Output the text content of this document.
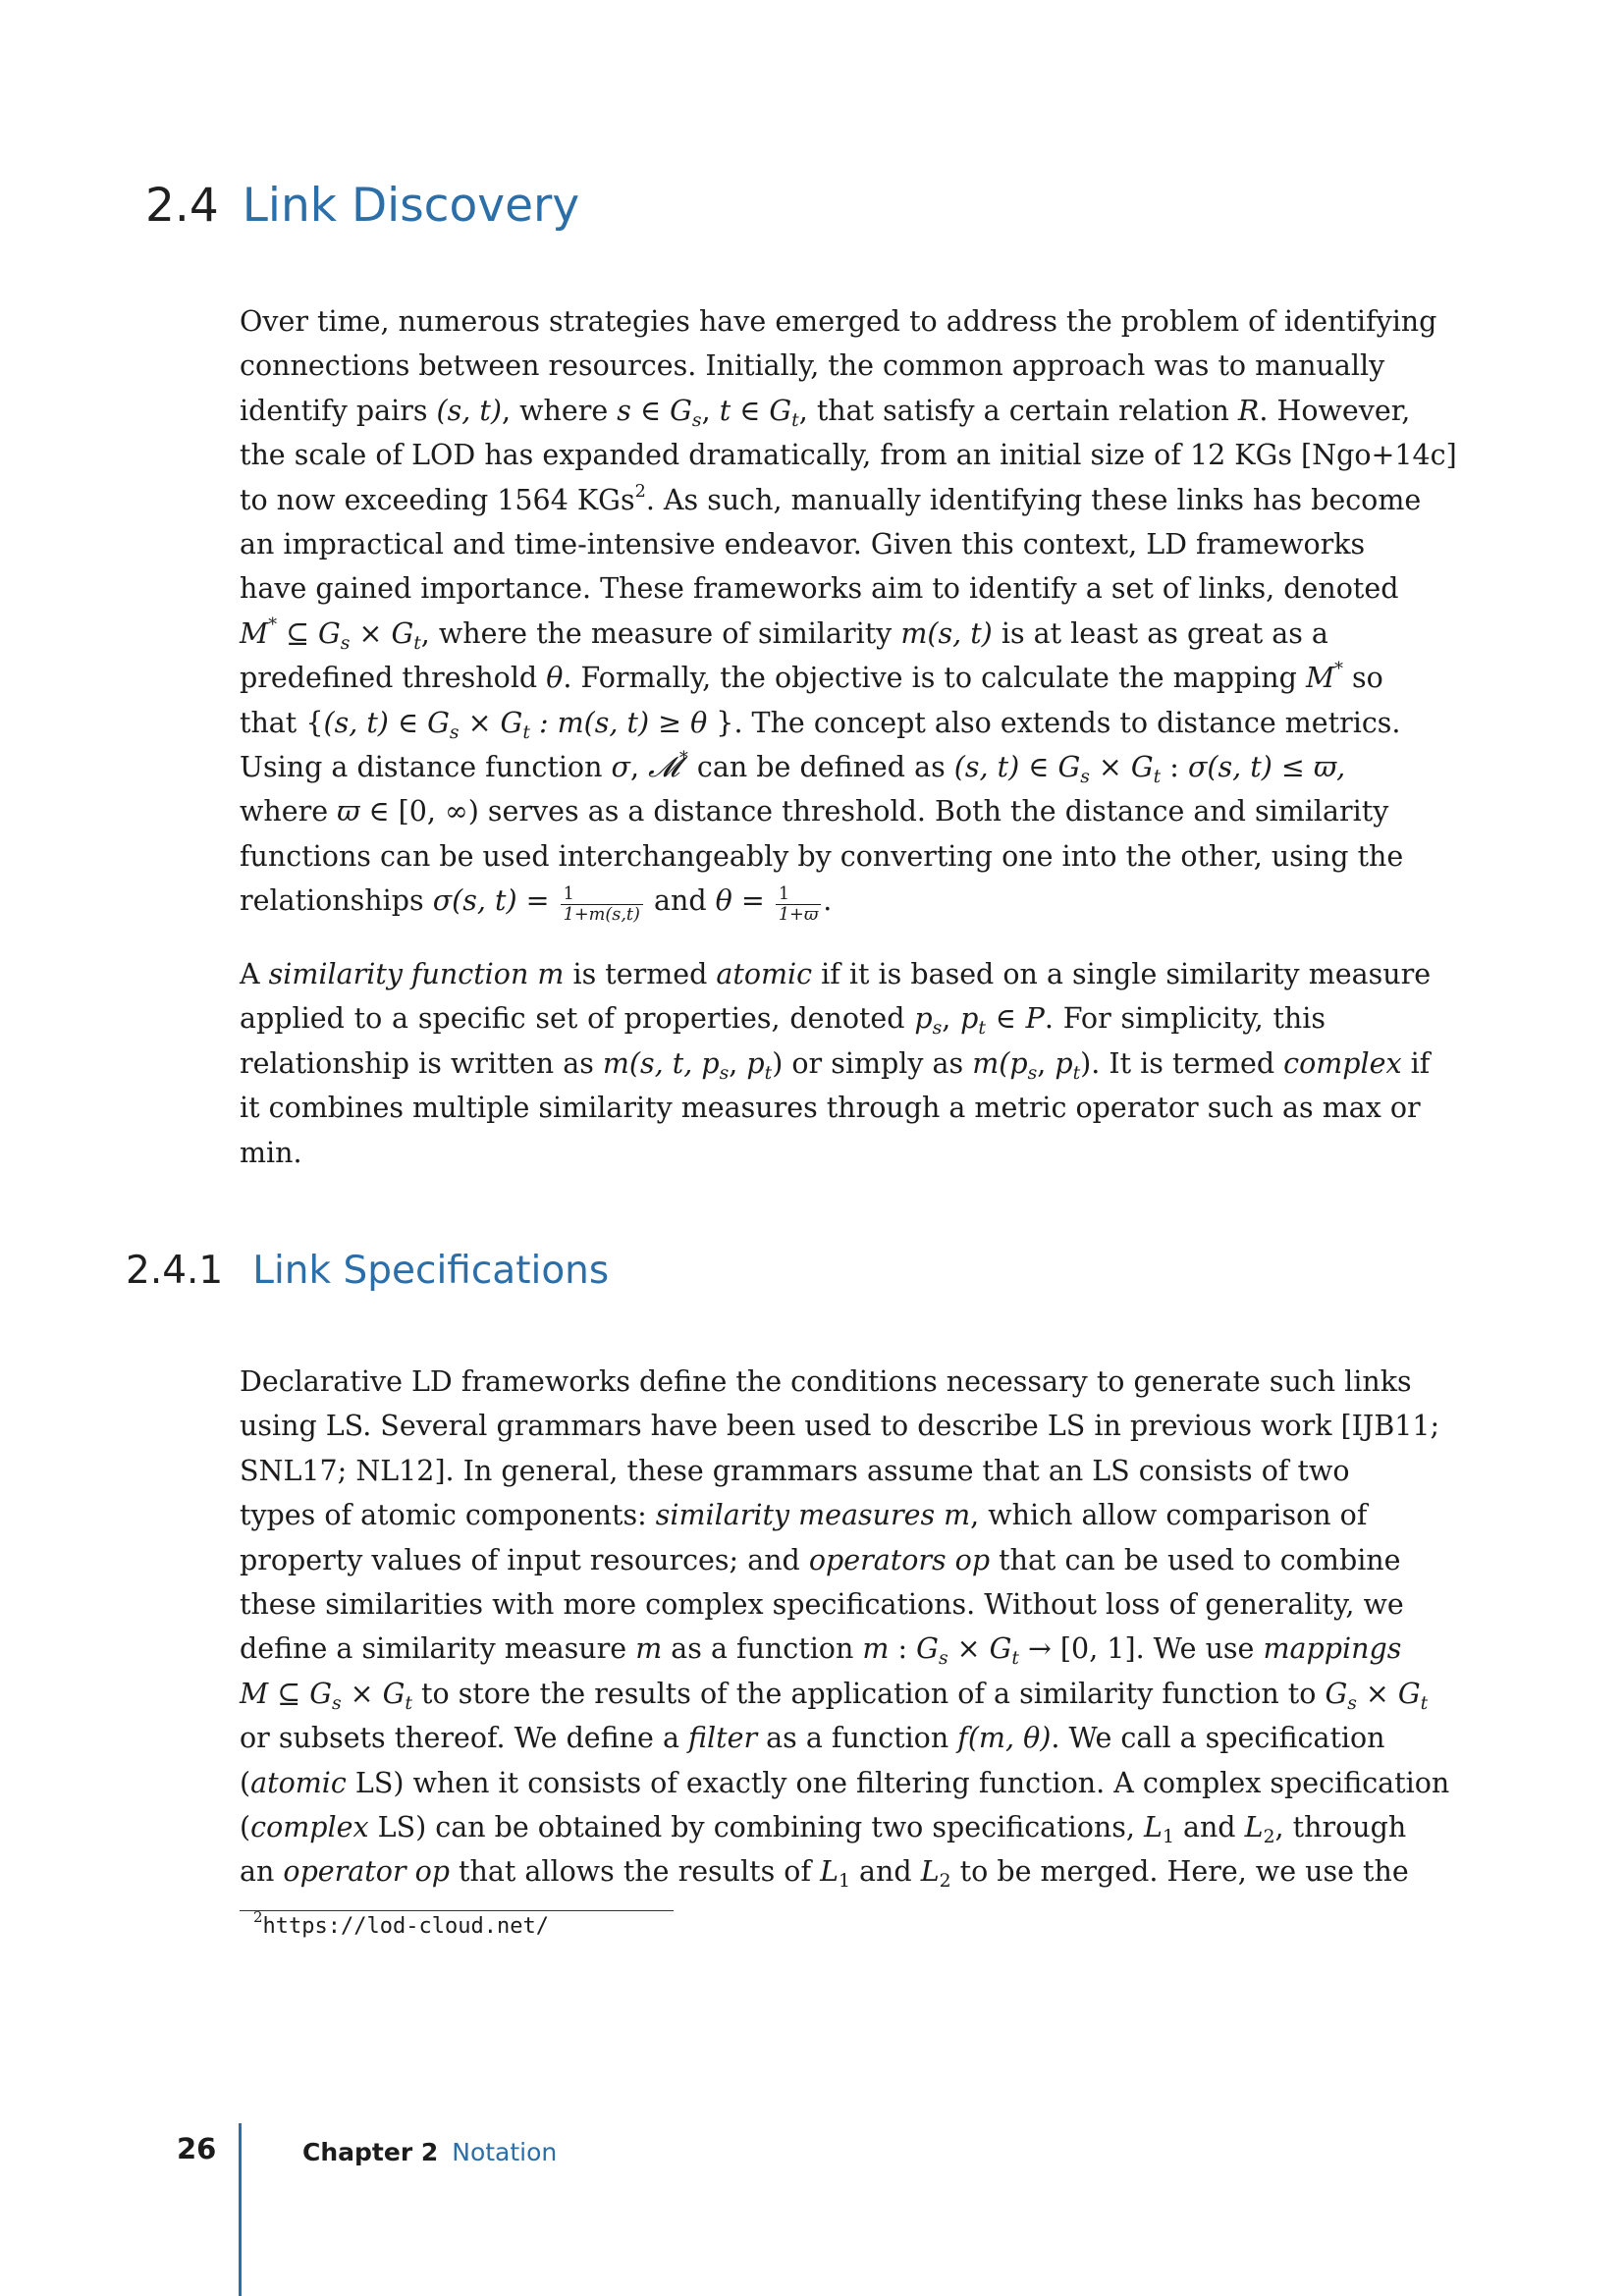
2.4 Link Discovery
Over time, numerous strategies have emerged to address the problem of identifying
connections between resources. Initially, the common approach was to manually
identify pairs (s, t), where s ∈ $G_s$, t ∈ $G_t$, that satisfy a certain relation R. However,
the scale of LOD has expanded dramatically, from an initial size of 12 KGs [Ngo+14c]
to now exceeding 1564 KGs$^2$. As such, manually identifying these links has become
an impractical and time-intensive endeavor. Given this context, LD frameworks
have gained importance. These frameworks aim to identify a set of links, denoted
M* ⊆ $G_s \times G_t$, where the measure of similarity m(s, t) is at least as great as a
predefined threshold θ. Formally, the objective is to calculate the mapping M* so
that {(s, t) ∈ $G_s \times G_t$ : m(s, t) ≥ θ }. The concept also extends to distance metrics.
Using a distance function σ, 𝓜* can be defined as (s, t) ∈ $G_s \times G_t$ : σ(s, t) ≤ ϖ,
where ϖ ∈ [0, ∞) serves as a distance threshold. Both the distance and similarity
functions can be used interchangeably by converting one into the other, using the
relationships σ(s, $t) = \frac{1}{1+m(s,t)}$ and $\theta = \frac{1}{1+ϖ}$ .
A similarity function m is termed atomic if it is based on a single similarity measure
applied to a specific set of properties, denoted $p_s$, $p_t$ ∈ P. For simplicity, this
relationship is written as m(s, t, $p_s$, $p_t$) or simply as $m(p_s$, $p_t$). It is termed complex if
it combines multiple similarity measures through a metric operator such as max or
min.
2.4.1 Link Specifications
Declarative LD frameworks define the conditions necessary to generate such links
using LS. Several grammars have been used to describe LS in previous work [IJB11;
SNL17; NL12]. In general, these grammars assume that an LS consists of two
types of atomic components: similarity measures m, which allow comparison of
property values of input resources; and operators op that can be used to combine
these similarities with more complex specifications. Without loss of generality, we
define a similarity measure m as a function m : $G_s \times G_t \to [0$, 1]. We use mappings
M ⊆ $G_s \times G_t$ to store the results of the application of a similarity function to $G_s \times G_t$
or subsets thereof. We define a filter as a function f(m, θ). We call a specification
(atomic LS) when it consists of exactly one filtering function. A complex specification
(complex LS) can be obtained by combining two specifications, $L_1$ and $L_2$, through
an operator op that allows the results of $L_1$ and $L_2$ to be merged. Here, we use the
$^2$https://lod-cloud.net/
26	Chapter 2 Notation
